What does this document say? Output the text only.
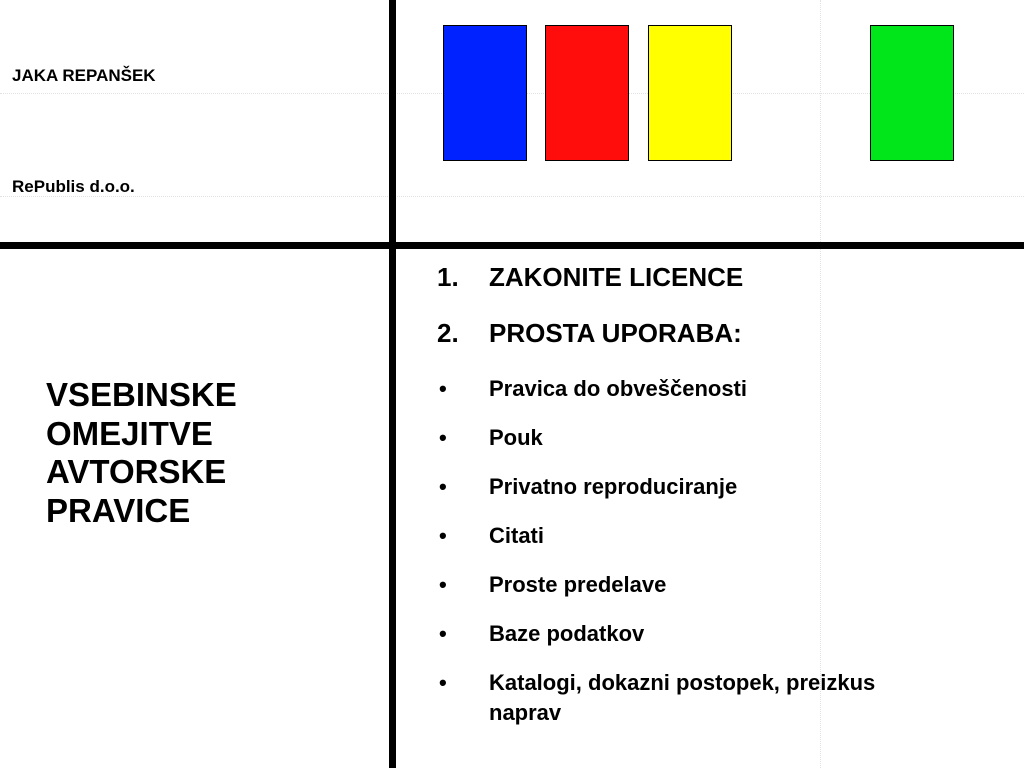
JAKA REPANŠEK
RePublis d.o.o.
VSEBINSKE
OMEJITVE
AVTORSKE
PRAVICE
1. ZAKONITE LICENCE
2. PROSTA UPORABA:
• Pravica do obveščenosti
• Pouk
• Privatno reproduciranje
• Citati
• Proste predelave
• Baze podatkov
• Katalogi, dokazni postopek, preizkus naprav
